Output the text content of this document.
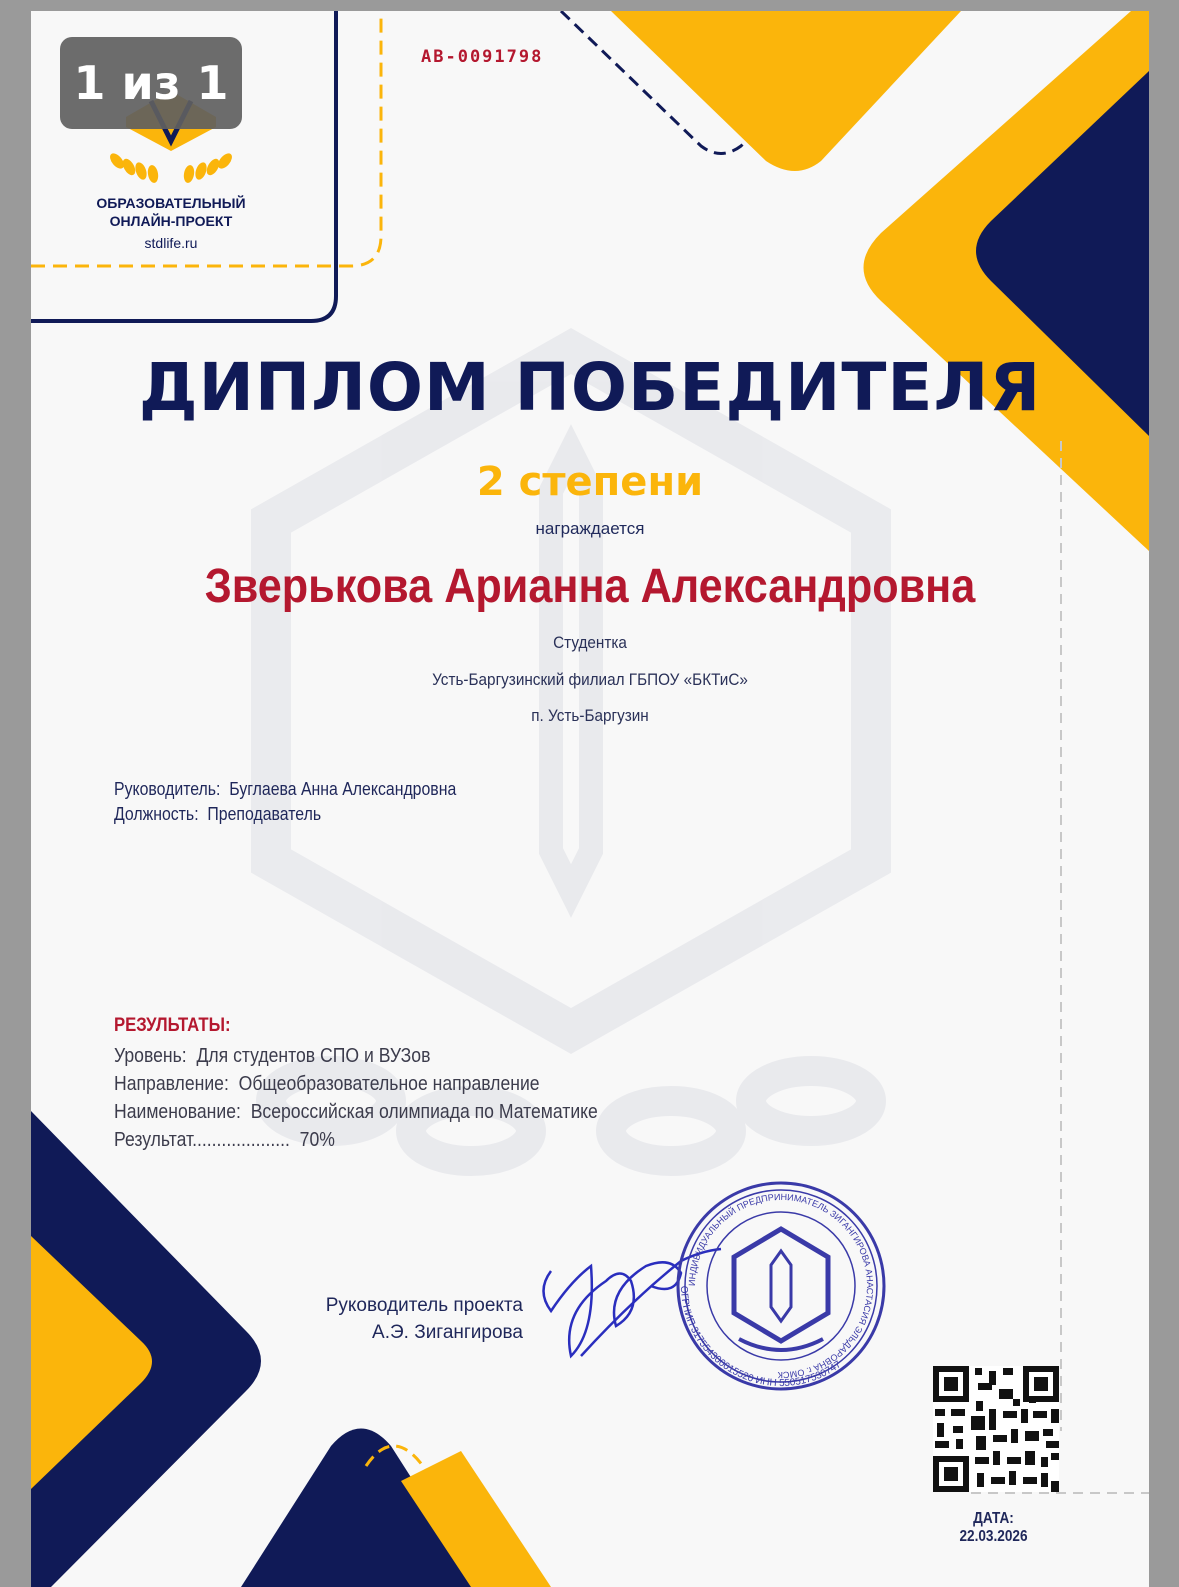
ИНДИВИДУАЛЬНЫЙ ПРЕДПРИНИМАТЕЛЬ ЗИГАНГИРОВА АНАСТАСИЯ ЭЛЬДАРОВНА г. ОМСК
ОГРНИП 317554300015520 ИНН 550517530747
ОБРАЗОВАТЕЛЬНЫЙ
ОНЛАЙН-ПРОЕКТ
stdlife.ru
АВ-0091798
ДИПЛОМ ПОБЕДИТЕЛЯ
2 степени
награждается
Зверькова Арианна Александровна
Студентка
Усть-Баргузинский филиал ГБПОУ «БКТиС»
п. Усть-Баргузин
Руководитель: Буглаева Анна Александровна
Должность: Преподаватель
РЕЗУЛЬТАТЫ:
Уровень: Для студентов СПО и ВУЗов
Направление: Общеобразовательное направление
Наименование: Всероссийская олимпиада по Математике
Результат.................... 70%
Руководитель проекта
А.Э. Зигангирова
ДАТА: 22.03.2026
1 из 1
